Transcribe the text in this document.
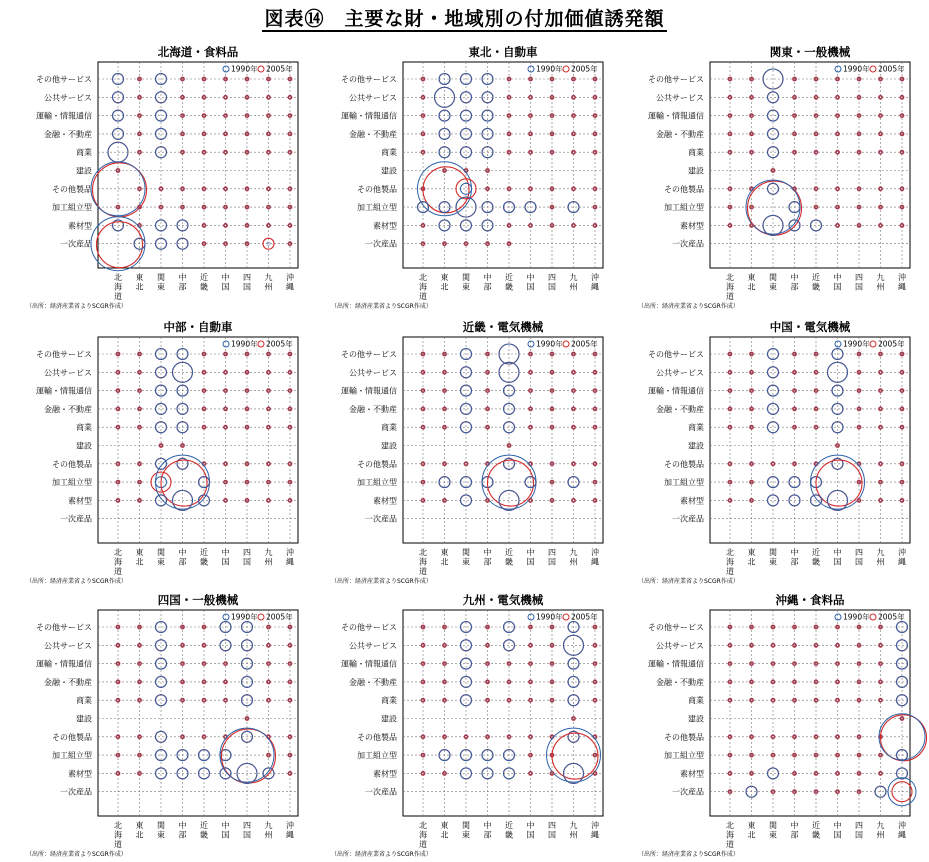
図表⑭　主要な財・地域別の付加価値誘発額
北海道・食料品
その他サービス
公共サービス
運輸・情報通信
金融・不動産
商業
建設
その他製品
加工組立型
素材型
一次産品
北海道
東北
関東
中部
近畿
中国
四国
九州
沖縄
1990年 2005年
（出所：経済産業省よりSCGR作成）
東北・自動車
その他サービス
公共サービス
運輸・情報通信
金融・不動産
商業
建設
その他製品
加工組立型
素材型
一次産品
北海道
東北
関東
中部
近畿
中国
四国
九州
沖縄
1990年 2005年
（出所：経済産業省よりSCGR作成）
関東・一般機械
その他サービス
公共サービス
運輸・情報通信
金融・不動産
商業
建設
その他製品
加工組立型
素材型
一次産品
北海道
東北
関東
中部
近畿
中国
四国
九州
沖縄
1990年 2005年
（出所：経済産業省よりSCGR作成）
中部・自動車
その他サービス
公共サービス
運輸・情報通信
金融・不動産
商業
建設
その他製品
加工組立型
素材型
一次産品
北海道
東北
関東
中部
近畿
中国
四国
九州
沖縄
1990年 2005年
（出所：経済産業省よりSCGR作成）
近畿・電気機械
その他サービス
公共サービス
運輸・情報通信
金融・不動産
商業
建設
その他製品
加工組立型
素材型
一次産品
北海道
東北
関東
中部
近畿
中国
四国
九州
沖縄
1990年 2005年
（出所：経済産業省よりSCGR作成）
中国・電気機械
その他サービス
公共サービス
運輸・情報通信
金融・不動産
商業
建設
その他製品
加工組立型
素材型
一次産品
北海道
東北
関東
中部
近畿
中国
四国
九州
沖縄
1990年 2005年
（出所：経済産業省よりSCGR作成）
四国・一般機械
その他サービス
公共サービス
運輸・情報通信
金融・不動産
商業
建設
その他製品
加工組立型
素材型
一次産品
北海道
東北
関東
中部
近畿
中国
四国
九州
沖縄
1990年 2005年
（出所：経済産業省よりSCGR作成）
九州・電気機械
その他サービス
公共サービス
運輸・情報通信
金融・不動産
商業
建設
その他製品
加工組立型
素材型
一次産品
北海道
東北
関東
中部
近畿
中国
四国
九州
沖縄
1990年 2005年
（出所：経済産業省よりSCGR作成）
沖縄・食料品
その他サービス
公共サービス
運輸・情報通信
金融・不動産
商業
建設
その他製品
加工組立型
素材型
一次産品
北海道
東北
関東
中部
近畿
中国
四国
九州
沖縄
1990年 2005年
（出所：経済産業省よりSCGR作成）
